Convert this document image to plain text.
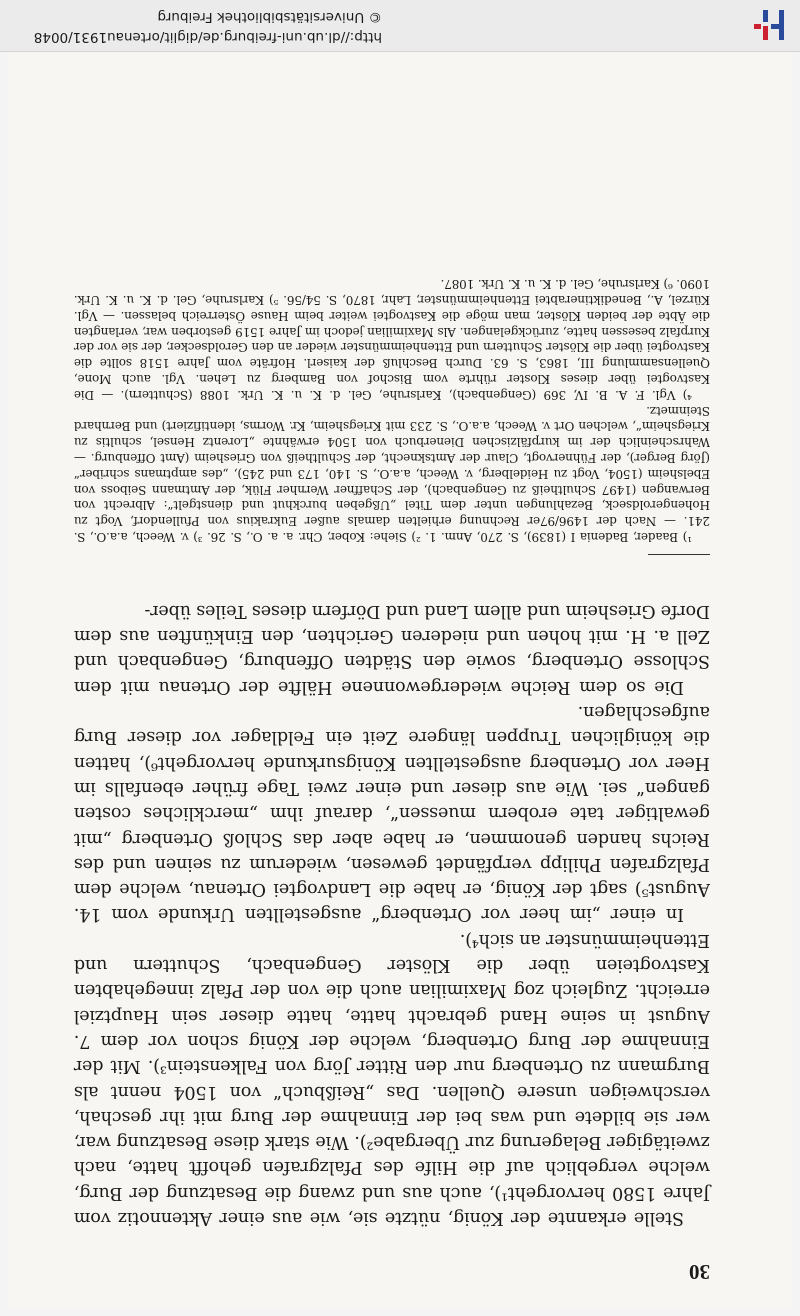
30

Stelle erkannte der König, nützte sie, wie aus einer Aktennotiz vom Jahre 1580 hervorgeht¹), auch aus und zwang die Besatzung der Burg, welche vergeblich auf die Hilfe des Pfalzgrafen gehofft hatte, nach zweitägiger Belagerung zur Übergabe²). Wie stark diese Besatzung war, wer sie bildete und was bei der Einnahme der Burg mit ihr geschah, verschweigen unsere Quellen. Das „Reißbuch“ von 1504 nennt als Burgmann zu Ortenberg nur den Ritter Jörg von Falkenstein³). Mit der Einnahme der Burg Ortenberg, welche der König schon vor dem 7. August in seine Hand gebracht hatte, hatte dieser sein Hauptziel erreicht. Zugleich zog Maximilian auch die von der Pfalz innegehabten Kastvogteien über die Klöster Gengenbach, Schuttern und Ettenheimmünster an sich⁴).

In einer „im heer vor Ortenberg“ ausgestellten Urkunde vom 14. August⁵) sagt der König, er habe die Landvogtei Ortenau, welche dem Pfalzgrafen Philipp verpfändet gewesen, wiederum zu seinen und des Reichs handen genommen, er habe aber das Schloß Ortenberg „mit gewaltiger tate erobern muessen“, darauf ihm „merckliches costen gangen“ sei. Wie aus dieser und einer zwei Tage früher ebenfalls im Heer vor Ortenberg ausgestellten Königsurkunde hervorgeht⁶), hatten die königlichen Truppen längere Zeit ein Feldlager vor dieser Burg aufgeschlagen.

Die so dem Reiche wiedergewonnene Hälfte der Ortenau mit dem Schlosse Ortenberg, sowie den Städten Offenburg, Gengenbach und Zell a. H. mit hohen und niederen Gerichten, den Einkünften aus dem Dorfe Griesheim und allem Land und Dörfern dieses Teiles über-

¹) Baader, Badenia I (1839), S. 270, Anm. 1. ²) Siehe: Kober, Chr. a. a. O., S. 26. ³) v. Weech, a.a.O., S. 241. — Nach der 1496/97er Rechnung erhielten damals außer Eukrakius von Pfullendorf, Vogt zu Hohengeroldseck, Bezahlungen unter dem Titel „Ußgeben burckhut und dienstgelt“: Albrecht von Berwangen (1497 Schultheiß zu Gengenbach), der Schaffner Wernher Flük, der Amtmann Seiboss von Ebelsheim (1504, Vogt zu Heidelberg, v. Weech, a.a.O., S. 140, 173 und 245), „des amptmans schriber“ (Jörg Berger), der Fühnervogt, Claur der Amtsknecht, der Schultheiß von Griesheim (Amt Offenburg. — Wahrscheinlich der im kurpfälzischen Dienerbuch von 1504 erwähnte „Lorentz Hensel, schultis zu Kriegsheim“, welchen Ort v. Weech, a.a.O., S. 233 mit Kriegsheim, Kr. Worms, identifiziert) und Bernhard Steinmetz.

⁴) Vgl. F. A. B. IV, 369 (Gengenbach), Karlsruhe, Gel. d. K. u. K. Urk. 1088 (Schuttern). — Die Kastvogtei über dieses Kloster rührte vom Bischof von Bamberg zu Lehen. Vgl. auch Mone, Quellensammlung III, 1863, S. 63. Durch Beschluß der kaiserl. Hofräte vom Jahre 1518 sollte die Kastvogtei über die Klöster Schuttern und Ettenheimmünster wieder an den Geroldsecker, der sie vor der Kurpfalz besessen hatte, zurückgelangen. Als Maximilian jedoch im Jahre 1519 gestorben war, verlangten die Äbte der beiden Klöster, man möge die Kastvogtei weiter beim Hause Österreich belassen. — Vgl. Kürzel, A., Benediktinerabtei Ettenheimmünster, Lahr, 1870, S. 54/56. ⁵) Karlsruhe, Gel. d. K. u. K. Urk. 1090. ⁶) Karlsruhe, Gel. d. K. u. K. Urk. 1087.

http://dl.ub.uni-freiburg.de/diglit/ortenau1931/0048
© Universitätsbibliothek Freiburg
